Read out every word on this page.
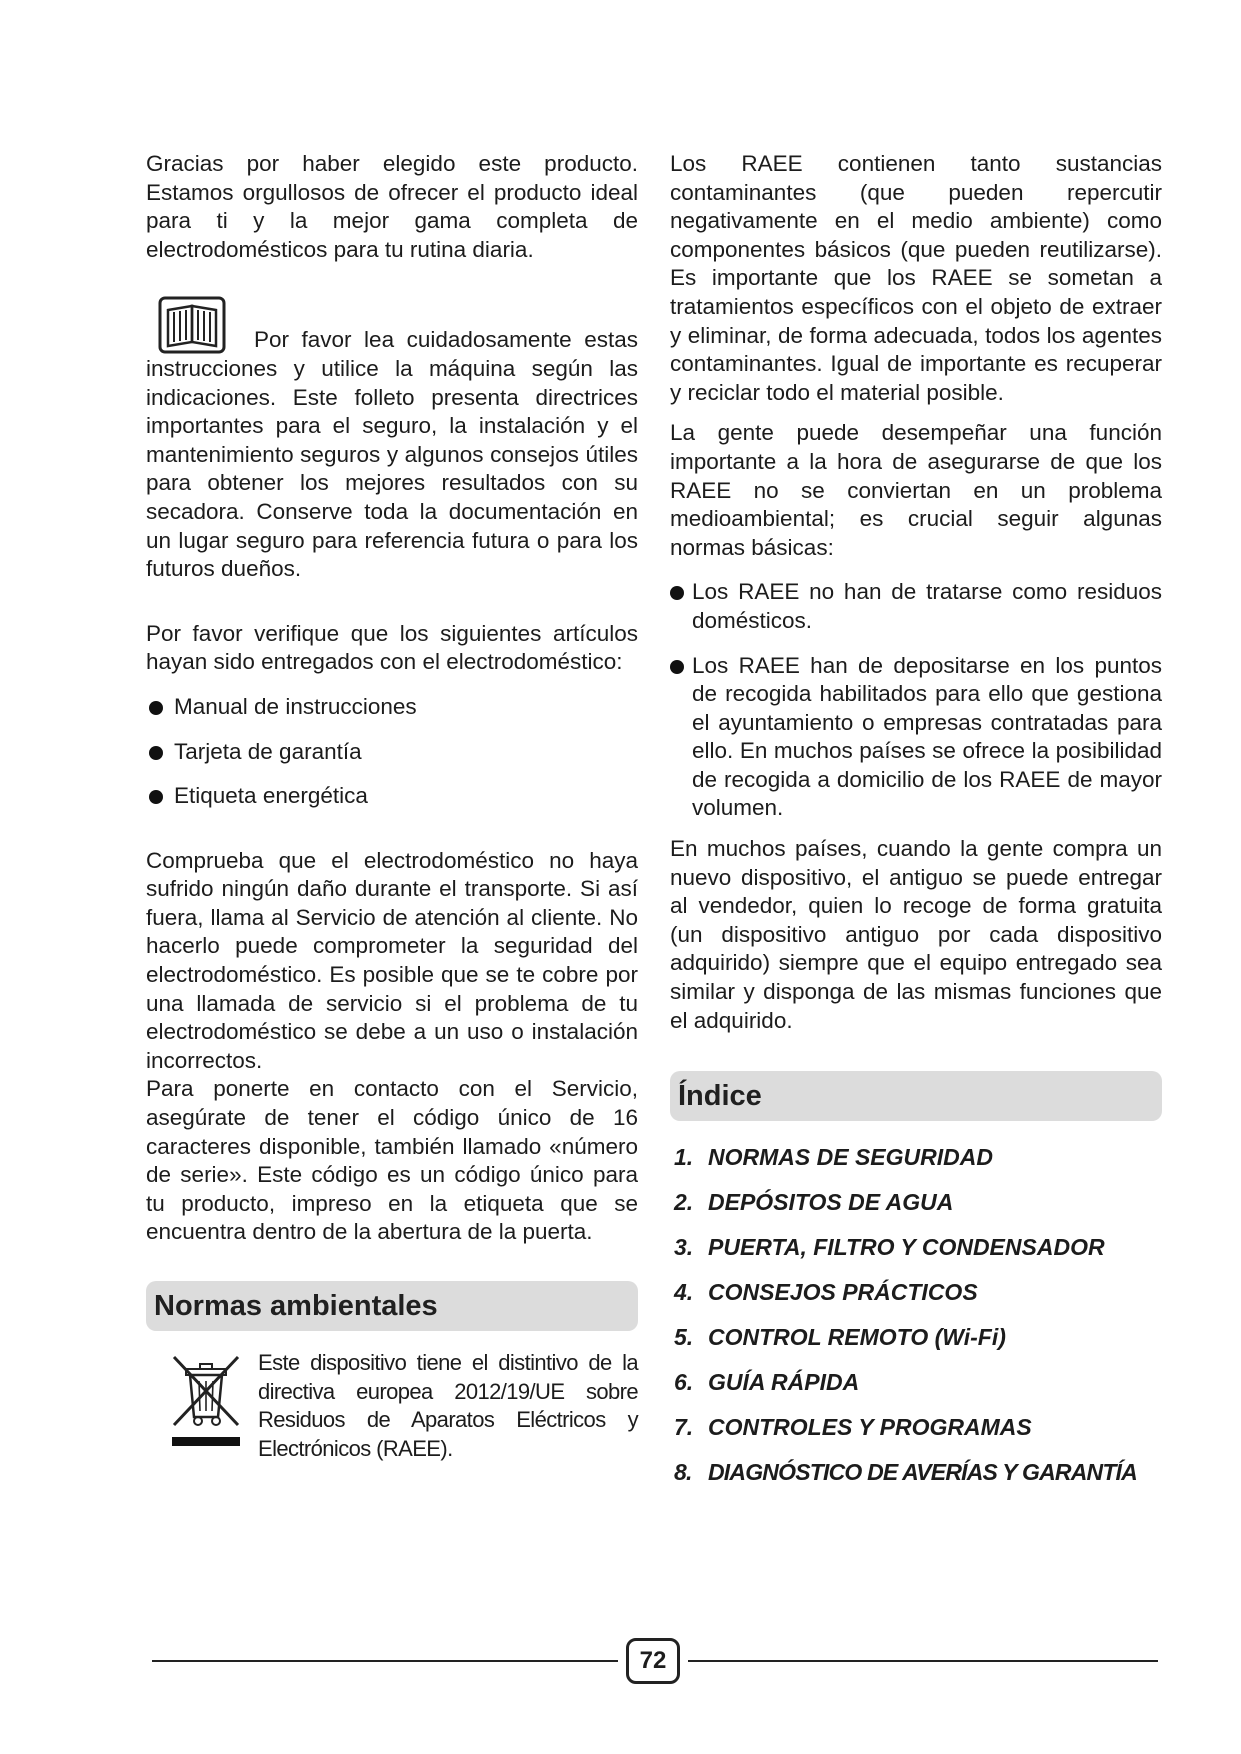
Gracias por haber elegido este producto. Estamos orgullosos de ofrecer el producto ideal para ti y la mejor gama completa de electrodomésticos para tu rutina diaria.

Por favor lea cuidadosamente estas instrucciones y utilice la máquina según las indicaciones. Este folleto presenta directrices importantes para el seguro, la instalación y el mantenimiento seguros y algunos consejos útiles para obtener los mejores resultados con su secadora. Conserve toda la documentación en un lugar seguro para referencia futura o para los futuros dueños.

Por favor verifique que los siguientes artículos hayan sido entregados con el electrodoméstico:

Manual de instrucciones
Tarjeta de garantía
Etiqueta energética

Comprueba que el electrodoméstico no haya sufrido ningún daño durante el transporte. Si así fuera, llama al Servicio de atención al cliente. No hacerlo puede comprometer la seguridad del electrodoméstico. Es posible que se te cobre por una llamada de servicio si el problema de tu electrodoméstico se debe a un uso o instalación incorrectos.

Para ponerte en contacto con el Servicio, asegúrate de tener el código único de 16 caracteres disponible, también llamado «número de serie». Este código es un código único para tu producto, impreso en la etiqueta que se encuentra dentro de la abertura de la puerta.

Normas ambientales

Este dispositivo tiene el distintivo de la directiva europea 2012/19/UE sobre Residuos de Aparatos Eléctricos y Electrónicos (RAEE).

Los RAEE contienen tanto sustancias contaminantes (que pueden repercutir negativamente en el medio ambiente) como componentes básicos (que pueden reutilizarse). Es importante que los RAEE se sometan a tratamientos específicos con el objeto de extraer y eliminar, de forma adecuada, todos los agentes contaminantes. Igual de importante es recuperar y reciclar todo el material posible.

La gente puede desempeñar una función importante a la hora de asegurarse de que los RAEE no se conviertan en un problema medioambiental; es crucial seguir algunas normas básicas:

Los RAEE no han de tratarse como residuos domésticos.
Los RAEE han de depositarse en los puntos de recogida habilitados para ello que gestiona el ayuntamiento o empresas contratadas para ello. En muchos países se ofrece la posibilidad de recogida a domicilio de los RAEE de mayor volumen.

En muchos países, cuando la gente compra un nuevo dispositivo, el antiguo se puede entregar al vendedor, quien lo recoge de forma gratuita (un dispositivo antiguo por cada dispositivo adquirido) siempre que el equipo entregado sea similar y disponga de las mismas funciones que el adquirido.

Índice
1. NORMAS DE SEGURIDAD
2. DEPÓSITOS DE AGUA
3. PUERTA, FILTRO Y CONDENSADOR
4. CONSEJOS PRÁCTICOS
5. CONTROL REMOTO (Wi-Fi)
6. GUÍA RÁPIDA
7. CONTROLES Y PROGRAMAS
8. DIAGNÓSTICO DE AVERÍAS Y GARANTÍA
72
